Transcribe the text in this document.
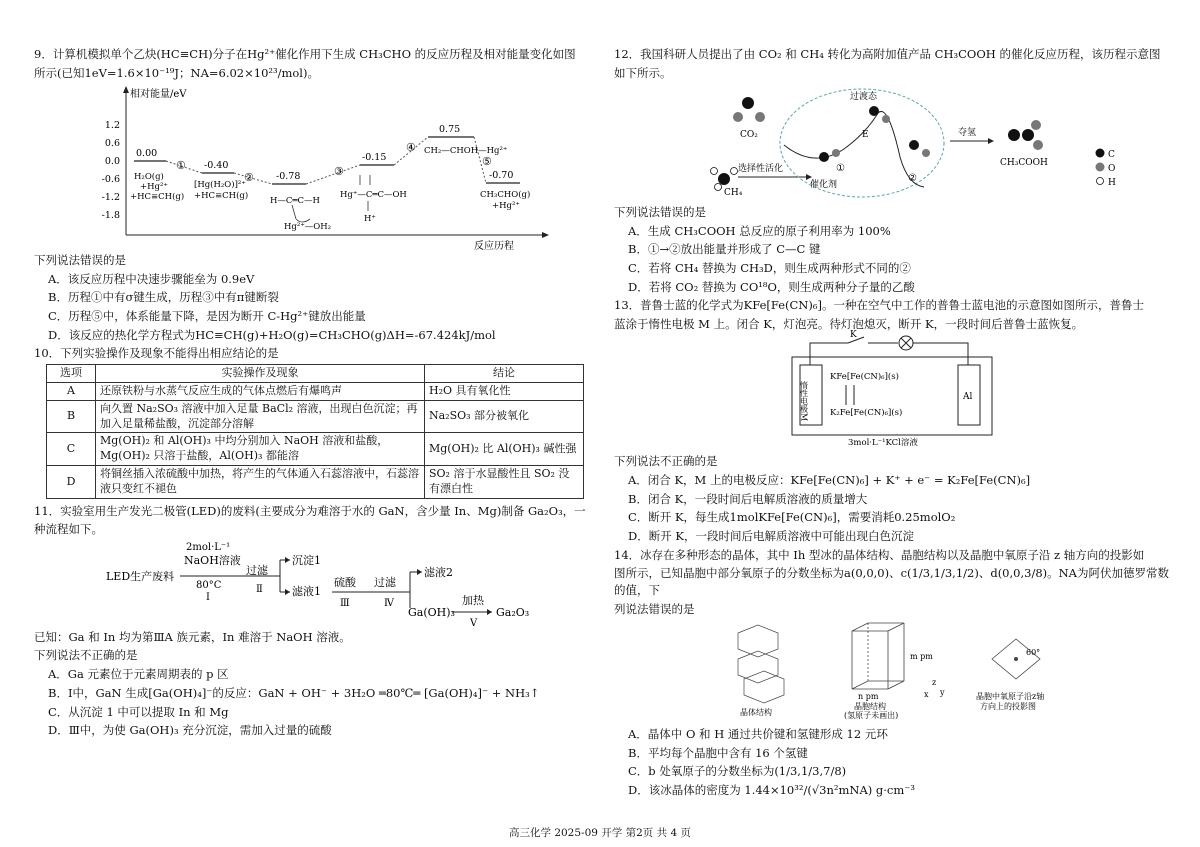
9．计算机模拟单个乙炔(HC≡CH)分子在Hg²⁺催化作用下生成 CH₃CHO 的反应历程及相对能量变化如图

所示(已知1eV=1.6×10⁻¹⁹J；NA=6.02×10²³/mol)。

相对能量/eV
反应历程
1.2
0.6
0.0
-0.6
-1.2
-1.8
0.00
-0.40
-0.78
-0.15
0.75
-0.70
①
②	③
④
⑤
H₂O(g)
+Hg²⁺
+HC≡CH(g)
[Hg(H₂O)]²⁺
+HC≡CH(g)	H—C═C—H
Hg²⁺—OH₂
Hg⁺—C═C—OH
H⁺
CH₂—CHOH—Hg²⁺
CH₃CHO(g)
+Hg²⁺

下列说法错误的是

A．该反应历程中决速步骤能垒为 0.9eV

B．历程①中有σ键生成，历程③中有π键断裂

C．历程⑤中，体系能量下降，是因为断开 C-Hg²⁺键放出能量

D．该反应的热化学方程式为HC≡CH(g)+H₂O(g)=CH₃CHO(g)ΔH=-67.424kJ/mol

10．下列实验操作及现象不能得出相应结论的是

选项	实验操作及现象	结论
A	还原铁粉与水蒸气反应生成的气体点燃后有爆鸣声	H₂O 具有氧化性
B	向久置 Na₂SO₃ 溶液中加入足量 BaCl₂ 溶液，出现白色沉淀；再加入足量稀盐酸，沉淀部分溶解	Na₂SO₃ 部分被氧化
C	Mg(OH)₂ 和 Al(OH)₃ 中均分别加入 NaOH 溶液和盐酸，Mg(OH)₂ 只溶于盐酸，Al(OH)₃ 都能溶	Mg(OH)₂ 比 Al(OH)₃ 碱性强
D	将铜丝插入浓硫酸中加热，将产生的气体通入石蕊溶液中，石蕊溶液只变红不褪色	SO₂ 溶于水显酸性且 SO₂ 没有漂白性

11．实验室用生产发光二极管(LED)的废料(主要成分为难溶于水的 GaN，含少量 In、Mg)制备 Ga₂O₃，一

种流程如下。

LED生产废料
2mol·L⁻¹
NaOH溶液
80°C
Ⅰ
过滤
Ⅱ
沉淀1
滤液1
硫酸
Ⅲ
过滤
Ⅳ
滤液2
Ga(OH)₃
加热
Ⅴ
Ga₂O₃

已知：Ga 和 In 均为第ⅢA 族元素，In 难溶于 NaOH 溶液。

下列说法不正确的是

A．Ga 元素位于元素周期表的 p 区

B．Ⅰ中，GaN 生成[Ga(OH)₄]⁻的反应：GaN + OH⁻ + 3H₂O ═80℃═ [Ga(OH)₄]⁻ + NH₃↑

C．从沉淀 1 中可以提取 In 和 Mg

D．Ⅲ中，为使 Ga(OH)₃ 充分沉淀，需加入过量的硫酸

12．我国科研人员提出了由 CO₂ 和 CH₄ 转化为高附加值产品 CH₃COOH 的催化反应历程，该历程示意图

如下所示。

CO₂
CH₄
选择性活化
催化剂
过渡态
E
①
②
夺氢
CH₃COOH
C
O
H

下列说法错误的是

A．生成 CH₃COOH 总反应的原子利用率为 100%

B．①→②放出能量并形成了 C—C 键

C．若将 CH₄ 替换为 CH₃D，则生成两种形式不同的②

D．若将 CO₂ 替换为 CO¹⁸O，则生成两种分子量的乙酸

13．普鲁士蓝的化学式为KFe[Fe(CN)₆]。一种在空气中工作的普鲁士蓝电池的示意图如图所示，普鲁士

蓝涂于惰性电极 M 上。闭合 K，灯泡亮。待灯泡熄灭，断开 K，一段时间后普鲁士蓝恢复。

K
惰性电极M
KFe[Fe(CN)₆](s)
K₂Fe[Fe(CN)₆](s)
Al
3mol·L⁻¹KCl溶液

下列说法不正确的是

A．闭合 K，M 上的电极反应：KFe[Fe(CN)₆] + K⁺ + e⁻ = K₂Fe[Fe(CN)₆]

B．闭合 K，一段时间后电解质溶液的质量增大

C．断开 K，每生成1molKFe[Fe(CN)₆]，需要消耗0.25molO₂

D．断开 K，一段时间后电解质溶液中可能出现白色沉淀

14．冰存在多种形态的晶体，其中 Ih 型冰的晶体结构、晶胞结构以及晶胞中氧原子沿 z 轴方向的投影如

图所示，已知晶胞中部分氧原子的分数坐标为a(0,0,0)、c(1/3,1/3,1/2)、d(0,0,3/8)。NA为阿伏加德罗常数的值，下

列说法错误的是

晶体结构
m pm
n pm
z
x y
晶胞结构
(氢原子未画出)
60°
晶胞中氧原子沿z轴
方向上的投影图

A．晶体中 O 和 H 通过共价键和氢键形成 12 元环

B．平均每个晶胞中含有 16 个氢键

C．b 处氧原子的分数坐标为(1/3,1/3,7/8)

D．该冰晶体的密度为 1.44×10³²/(√3n²mNA) g·cm⁻³

高三化学 2025-09 开学 第2页 共 4 页
